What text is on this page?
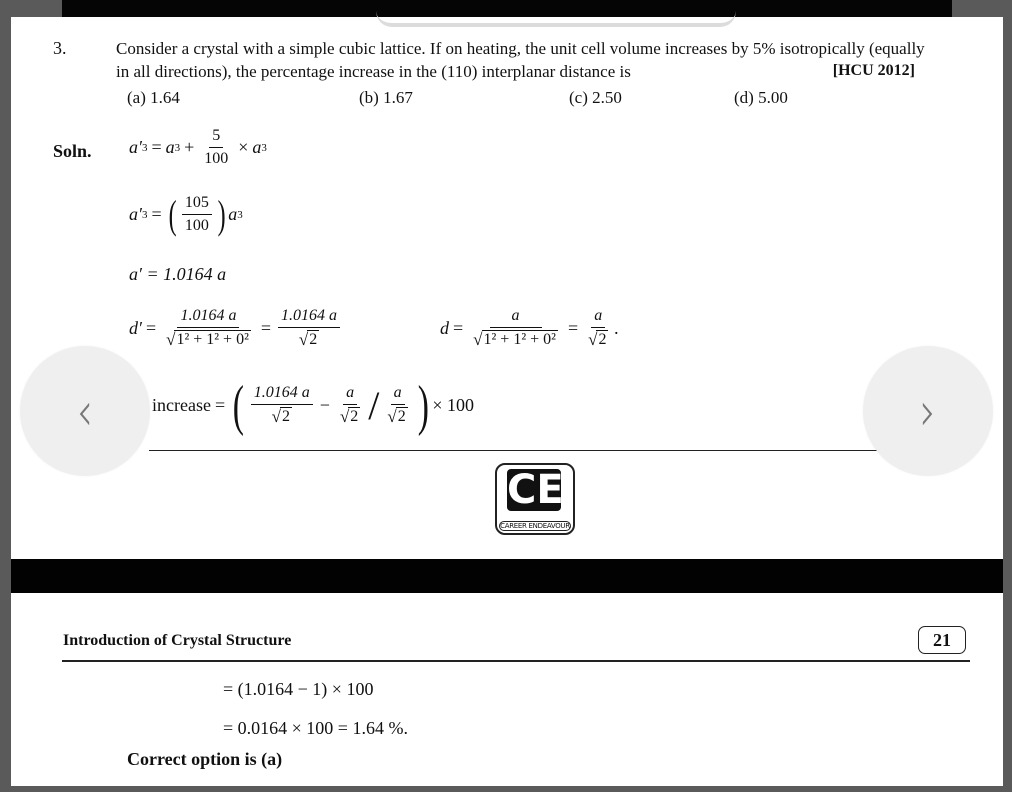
3.	Consider a crystal with a simple cubic lattice. If on heating, the unit cell volume increases by 5% isotropically (equally
in all directions), the percentage increase in the (110) interplanar distance is	[HCU 2012]
(a) 1.64	(b) 1.67	(c) 2.50	(d) 5.00
Soln. a′ 3 = a $3 + \frac{5}{100} \times a$ 3
a′ 3 = ( $\frac{105}{100}$ ) a 3
a′ = 1.0164 a
$d' = \frac{1.0164 a}{\text{√ 1² + 1² + 0²}} = \frac{1.0164 a}{√ 2}$	$d = \frac{a}{\text{√ 1² + 1² + 0²}} = \frac{a}{√ 2}$ .
increase = ( $\frac{1.0164 a}{√ 2} - \frac{a}{√ 2} / \frac{a}{√ 2}$ ) × 100
CE
CAREER ENDEAVOUR
‹	›
Introduction of Crystal Structure	21
= (1.0164 − 1) × 100
= 0.0164 × 100 = 1.64 %.
Correct option is (a)
